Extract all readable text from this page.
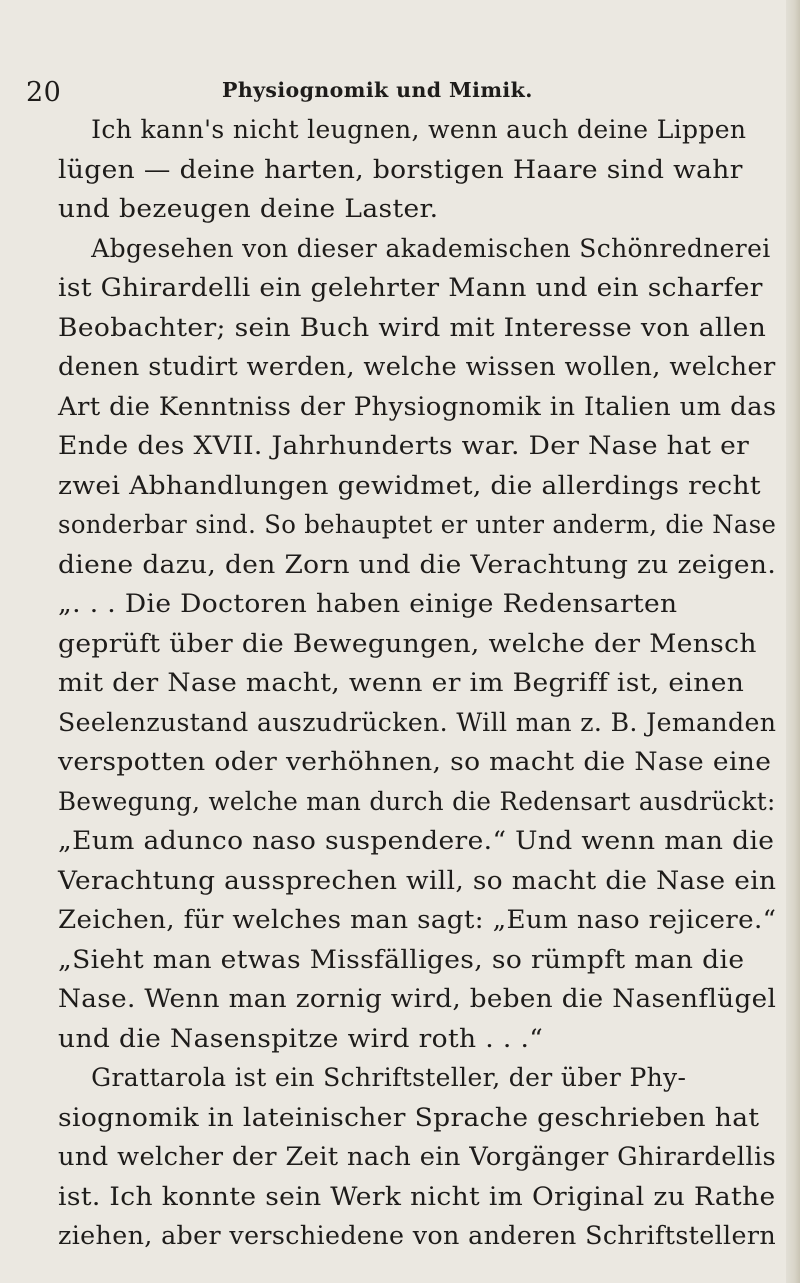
20	Physiognomik und Mimik.
Ich kann's nicht leugnen, wenn auch deine Lippen
lügen — deine harten, borstigen Haare sind wahr
und bezeugen deine Laster.
Abgesehen von dieser akademischen Schönrednerei
ist Ghirardelli ein gelehrter Mann und ein scharfer
Beobachter; sein Buch wird mit Interesse von allen
denen studirt werden, welche wissen wollen, welcher
Art die Kenntniss der Physiognomik in Italien um das
Ende des XVII. Jahrhunderts war. Der Nase hat er
zwei Abhandlungen gewidmet, die allerdings recht
sonderbar sind. So behauptet er unter anderm, die Nase
diene dazu, den Zorn und die Verachtung zu zeigen.
„. . . Die Doctoren haben einige Redensarten
geprüft über die Bewegungen, welche der Mensch
mit der Nase macht, wenn er im Begriff ist, einen
Seelenzustand auszudrücken. Will man z. B. Jemanden
verspotten oder verhöhnen, so macht die Nase eine
Bewegung, welche man durch die Redensart ausdrückt:
„Eum adunco naso suspendere.“ Und wenn man die
Verachtung aussprechen will, so macht die Nase ein
Zeichen, für welches man sagt: „Eum naso rejicere.“
„Sieht man etwas Missfälliges, so rümpft man die
Nase. Wenn man zornig wird, beben die Nasenflügel
und die Nasenspitze wird roth . . .“
Grattarola ist ein Schriftsteller, der über Phy-
siognomik in lateinischer Sprache geschrieben hat
und welcher der Zeit nach ein Vorgänger Ghirardellis
ist. Ich konnte sein Werk nicht im Original zu Rathe
ziehen, aber verschiedene von anderen Schriftstellern
